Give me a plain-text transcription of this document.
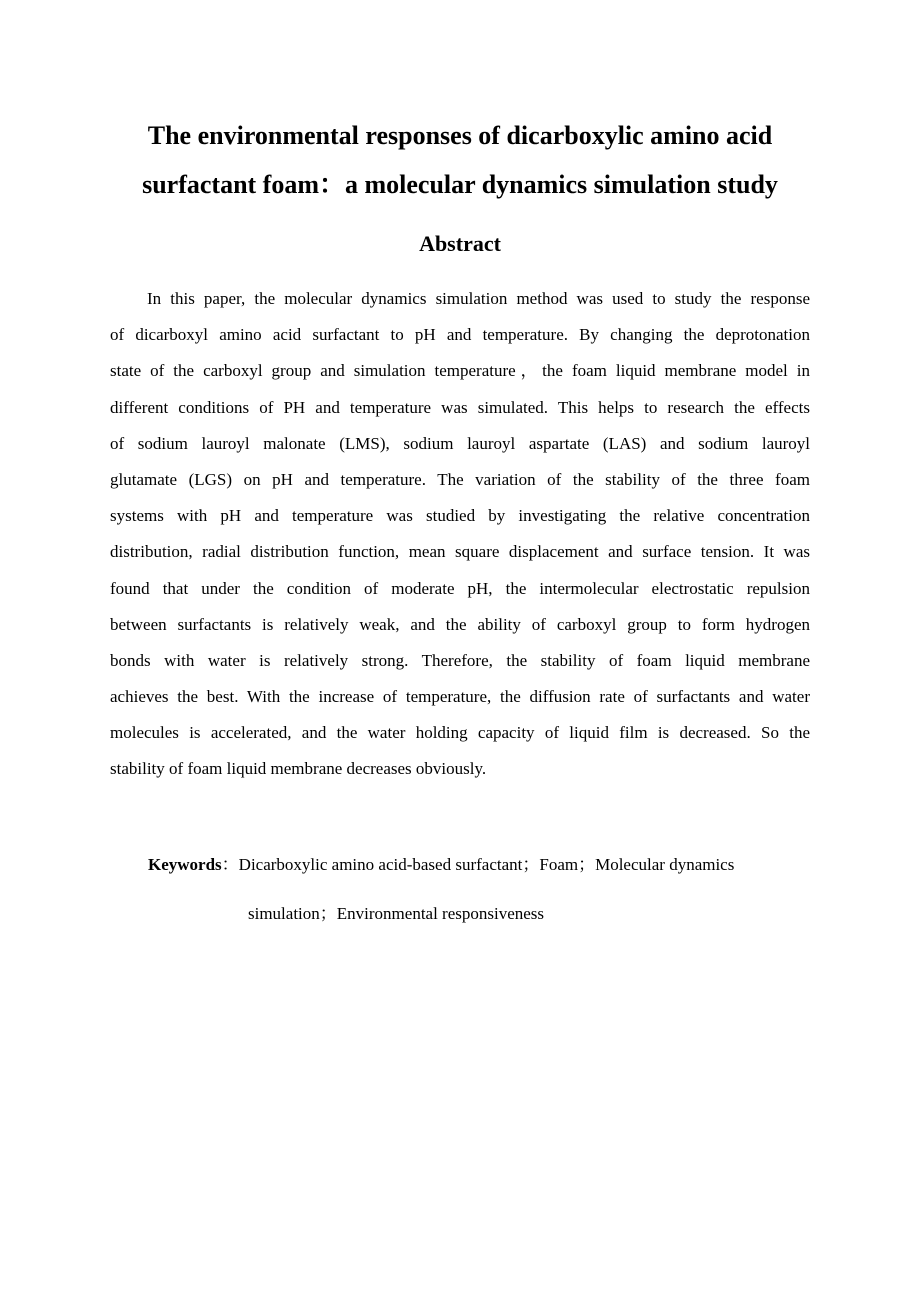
The environmental responses of dicarboxylic amino acid
surfactant foam：a molecular dynamics simulation study
Abstract
In this paper, the molecular dynamics simulation method was used to study the response
of dicarboxyl amino acid surfactant to pH and temperature. By changing the deprotonation
state of the carboxyl group and simulation temperature，the foam liquid membrane model in
different conditions of PH and temperature was simulated. This helps to research the effects
of sodium lauroyl malonate (LMS), sodium lauroyl aspartate (LAS) and sodium lauroyl
glutamate (LGS) on pH and temperature. The variation of the stability of the three foam
systems with pH and temperature was studied by investigating the relative concentration
distribution, radial distribution function, mean square displacement and surface tension. It was
found that under the condition of moderate pH, the intermolecular electrostatic repulsion
between surfactants is relatively weak, and the ability of carboxyl group to form hydrogen
bonds with water is relatively strong. Therefore, the stability of foam liquid membrane
achieves the best. With the increase of temperature, the diffusion rate of surfactants and water
molecules is accelerated, and the water holding capacity of liquid film is decreased. So the
stability of foam liquid membrane decreases obviously.

Keywords：Dicarboxylic amino acid-based surfactant；Foam；Molecular dynamics

simulation；Environmental responsiveness
